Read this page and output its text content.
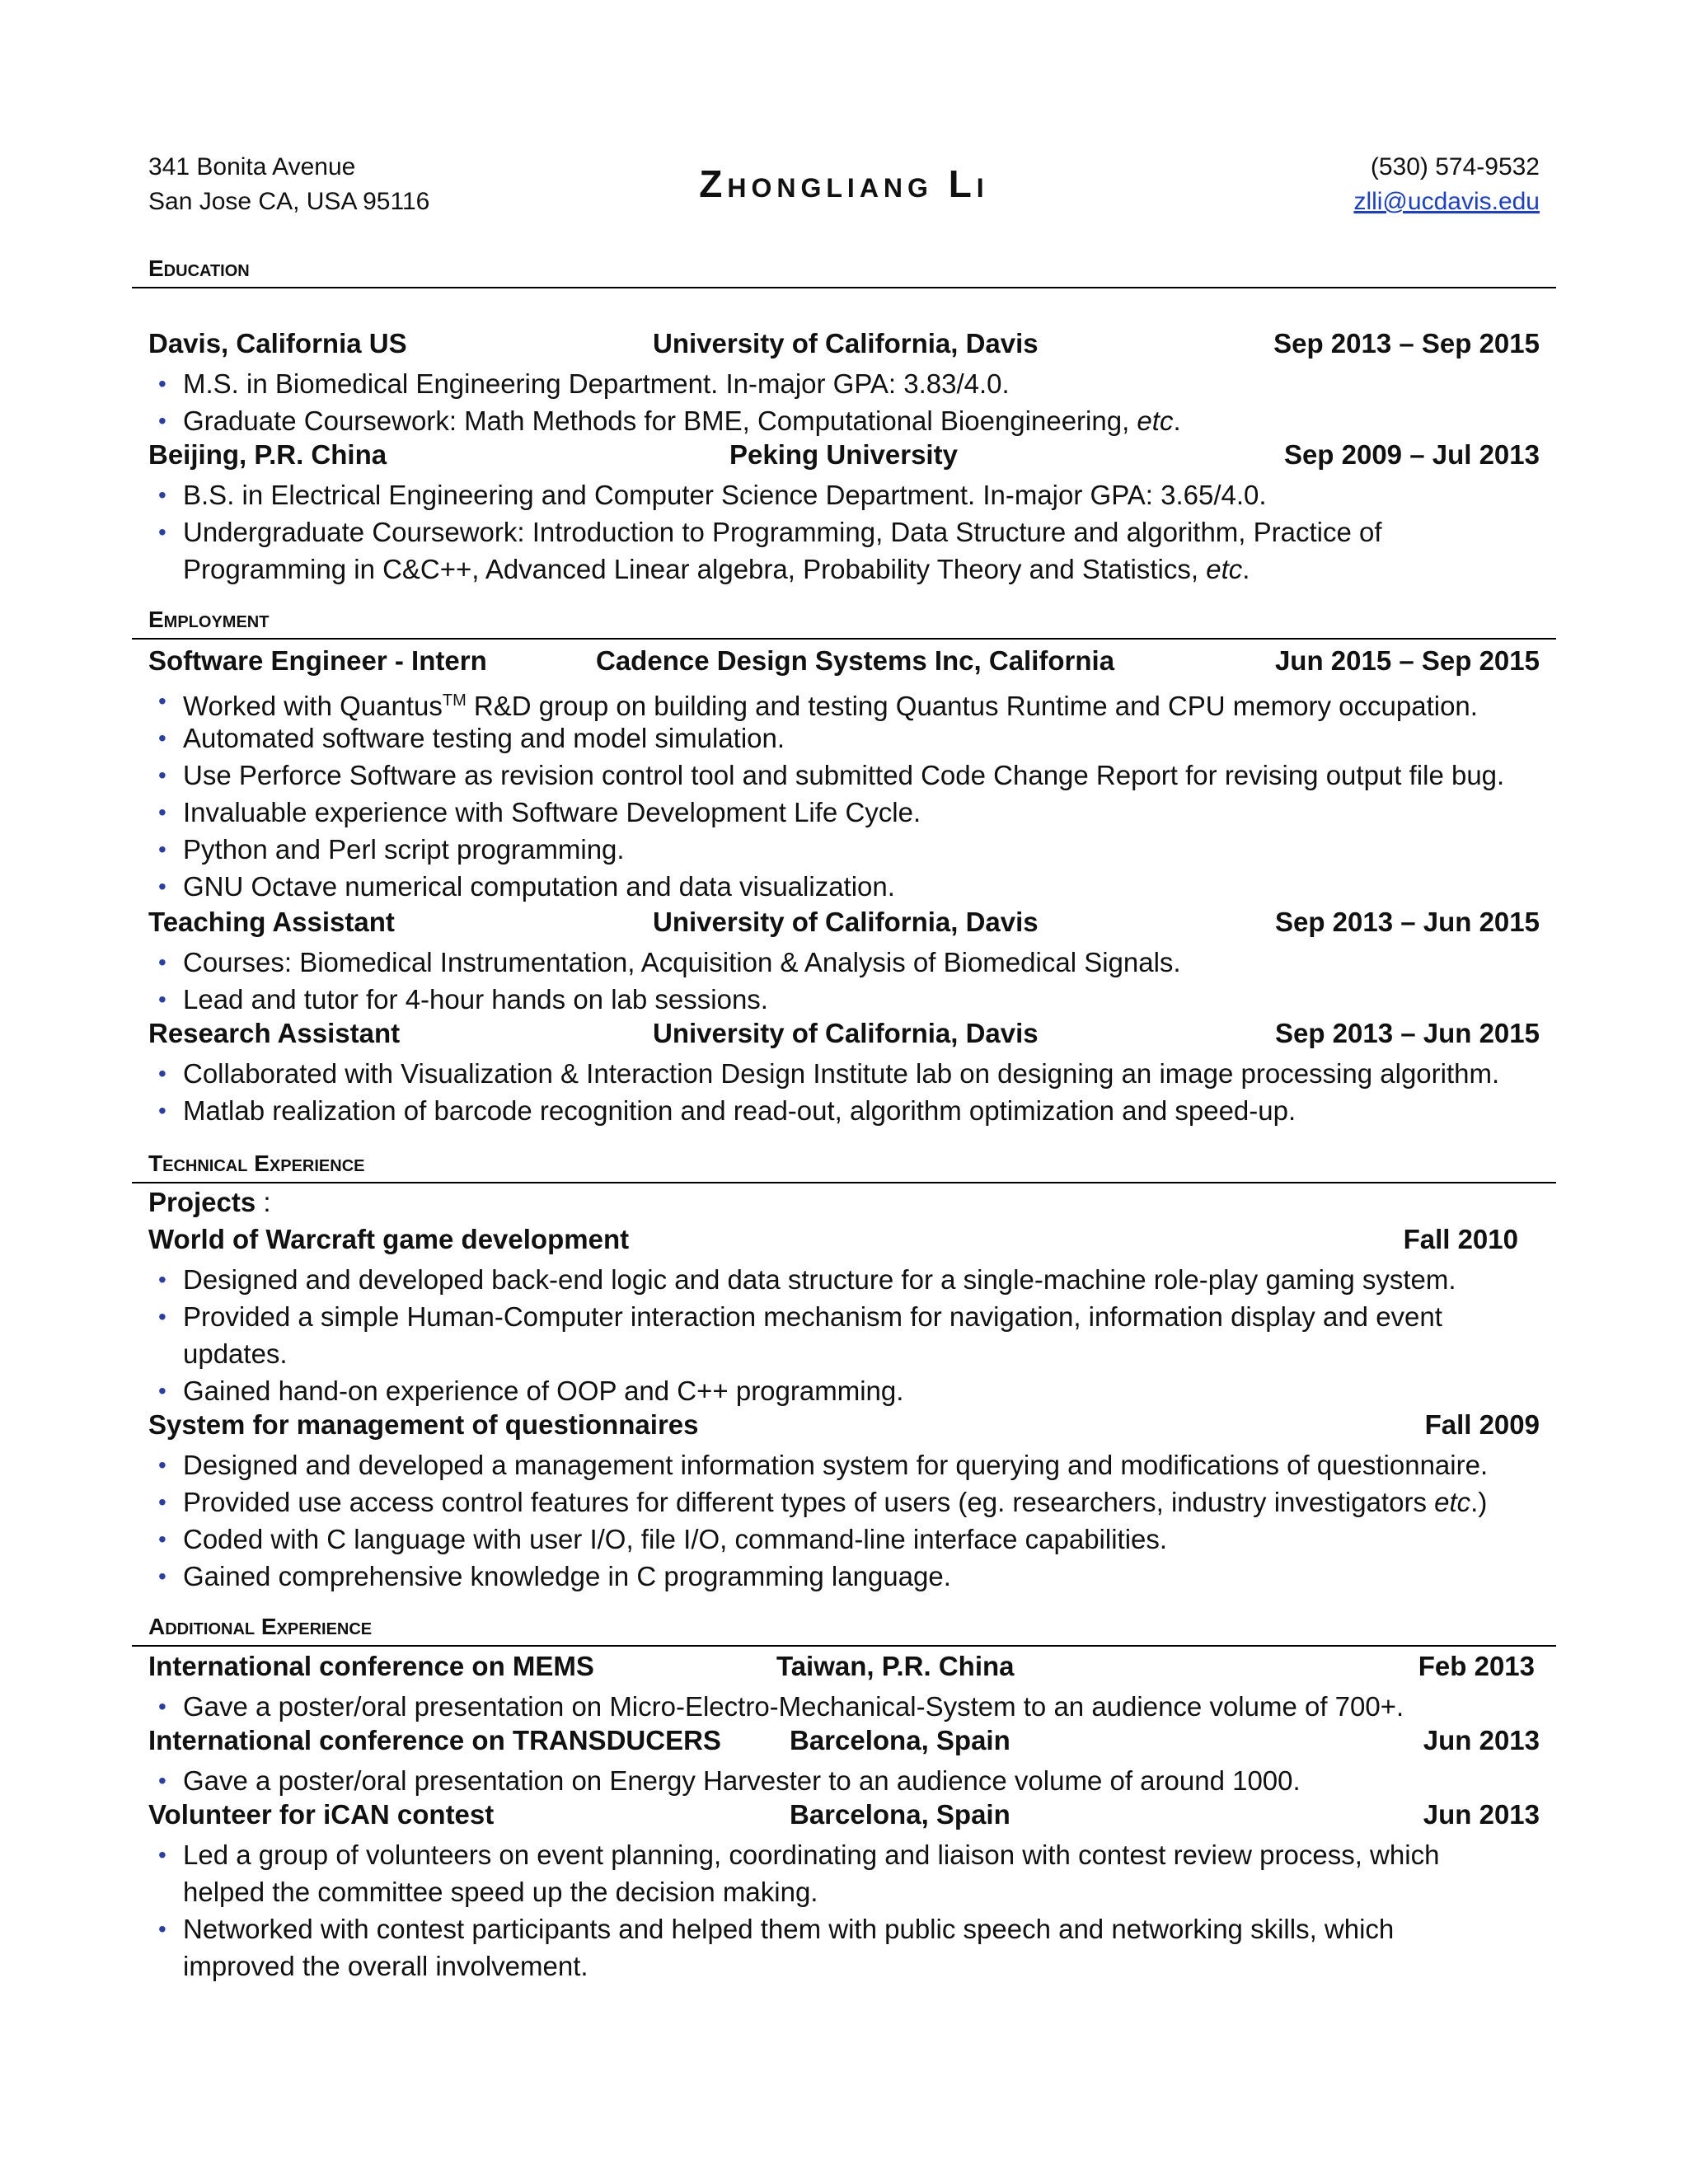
341 Bonita Avenue
San Jose CA, USA 95116	Zhongliang Li	(530) 574-9532
zlli@ucdavis.edu
Education
Davis, California US	University of California, Davis	Sep 2013 – Sep 2015
• M.S. in Biomedical Engineering Department. In-major GPA: 3.83/4.0.
• Graduate Coursework: Math Methods for BME, Computational Bioengineering, etc.
Beijing, P.R. China	Peking University	Sep 2009 – Jul 2013
• B.S. in Electrical Engineering and Computer Science Department. In-major GPA: 3.65/4.0.
• Undergraduate Coursework: Introduction to Programming, Data Structure and algorithm, Practice of
Programming in C&C++, Advanced Linear algebra, Probability Theory and Statistics, etc.
Employment
Software Engineer - Intern	Cadence Design Systems Inc, California	Jun 2015 – Sep 2015
• Worked with Quantus™ R&D group on building and testing Quantus Runtime and CPU memory occupation.
• Automated software testing and model simulation.
• Use Perforce Software as revision control tool and submitted Code Change Report for revising output file bug.
• Invaluable experience with Software Development Life Cycle.
• Python and Perl script programming.
• GNU Octave numerical computation and data visualization.
Teaching Assistant	University of California, Davis	Sep 2013 – Jun 2015
• Courses: Biomedical Instrumentation, Acquisition & Analysis of Biomedical Signals.
• Lead and tutor for 4-hour hands on lab sessions.
Research Assistant	University of California, Davis	Sep 2013 – Jun 2015
• Collaborated with Visualization & Interaction Design Institute lab on designing an image processing algorithm.
• Matlab realization of barcode recognition and read-out, algorithm optimization and speed-up.
Technical Experience
Projects :
World of Warcraft game development	Fall 2010
• Designed and developed back-end logic and data structure for a single-machine role-play gaming system.
• Provided a simple Human-Computer interaction mechanism for navigation, information display and event
updates.
• Gained hand-on experience of OOP and C++ programming.
System for management of questionnaires	Fall 2009
• Designed and developed a management information system for querying and modifications of questionnaire.
• Provided use access control features for different types of users (eg. researchers, industry investigators etc.)
• Coded with C language with user I/O, file I/O, command-line interface capabilities.
• Gained comprehensive knowledge in C programming language.
Additional Experience
International conference on MEMS	Taiwan, P.R. China	Feb 2013
• Gave a poster/oral presentation on Micro-Electro-Mechanical-System to an audience volume of 700+.
International conference on TRANSDUCERS	Barcelona, Spain	Jun 2013
• Gave a poster/oral presentation on Energy Harvester to an audience volume of around 1000.
Volunteer for iCAN contest	Barcelona, Spain	Jun 2013
• Led a group of volunteers on event planning, coordinating and liaison with contest review process, which
helped the committee speed up the decision making.
• Networked with contest participants and helped them with public speech and networking skills, which
improved the overall involvement.
